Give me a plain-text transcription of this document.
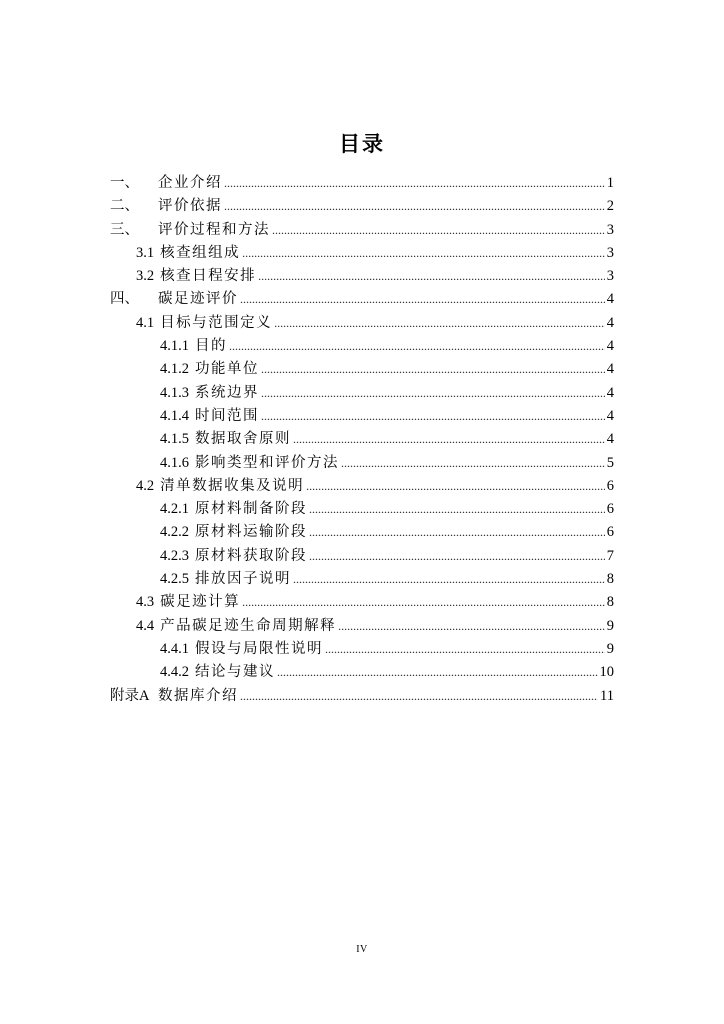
目录
一、	企业介绍 .....	1
二、	评价依据 .....	2
三、	评价过程和方法 .....	3
3.1 核查组组成 .....	3
3.2 核查日程安排 .....	3
四、	碳足迹评价 .....	4
4.1 目标与范围定义 .....	4
4.1.1 目的 .....	4
4.1.2 功能单位 .....	4
4.1.3 系统边界 .....	4
4.1.4 时间范围 .....	4
4.1.5 数据取舍原则 .....	4
4.1.6 影响类型和评价方法 .....	5
4.2 清单数据收集及说明 .....	6
4.2.1 原材料制备阶段 .....	6
4.2.2 原材料运输阶段 .....	6
4.2.3 原材料获取阶段 .....	7
4.2.5 排放因子说明 .....	8
4.3 碳足迹计算 .....	8
4.4 产品碳足迹生命周期解释 .....	9
4.4.1 假设与局限性说明 .....	9
4.4.2 结论与建议 .....	10
附录A 数据库介绍 .....	11
IV
